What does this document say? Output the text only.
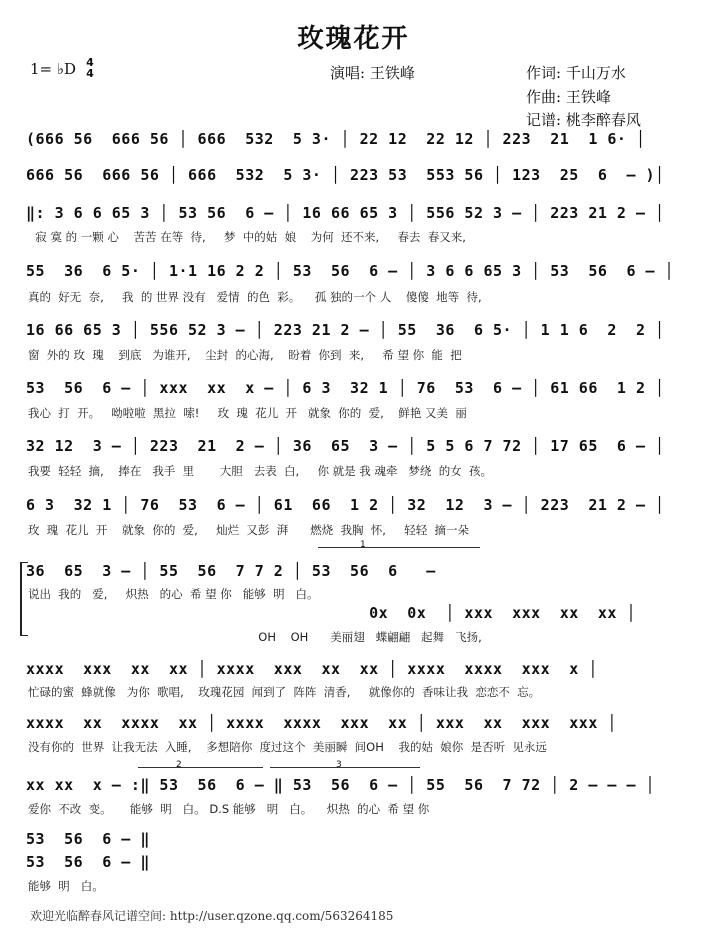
玫瑰花开
1= ♭D 4
4	演唱: 王铁峰	作词: 千山万水
作曲: 王铁峰
记谱: 桃李醉春风
(666 56  666 56 │ 666  532  5 3· │ 22 12  22 12 │ 223  21  1 6· │
666 56  666 56 │ 666  532  5 3· │ 223 53  553 56 │ 123  25  6  – )│
‖: 3 6 6 65 3 │ 53 56  6 – │ 16 66 65 3 │ 556 52 3 – │ 223 21 2 – │
寂 寞 的 一颗 心    苦苦 在等  待,     梦  中的姑  娘    为何  还不来,     春去  春又来,
55  36  6 5· │ 1·1 16 2 2 │ 53  56  6 – │ 3 6 6 65 3 │ 53  56  6 – │
真的  好无  奈,     我  的 世界 没有   爱情  的色  彩。    孤 独的一个 人    傻傻  地等  待,
16 66 65 3 │ 556 52 3 – │ 223 21 2 – │ 55  36  6 5· │ 1 1 6  2  2 │
窗  外的 玫  瑰    到底   为谁开,    尘封  的心海,    盼着  你到  来,     希 望 你  能  把
53  56  6 – │ xxx  xx  x – │ 6 3  32 1 │ 76  53  6 – │ 61 66  1 2 │
我心  打  开。   呦啦啦  黑拉  嗦!     玫  瑰  花儿  开   就象  你的  爱,    鲜艳 又美  丽
32 12  3 – │ 223  21  2 – │ 36  65  3 – │ 5 5 6 7 72 │ 17 65  6 – │
我要  轻轻  摘,    捧在   我手  里       大胆   去表  白,     你 就是 我 魂牵   梦绕  的女  孩。
6 3  32 1 │ 76  53  6 – │ 61  66  1 2 │ 32  12  3 – │ 223  21 2 – │
玫  瑰  花儿  开    就象  你的  爱,     灿烂  又彭  湃      燃烧  我胸  怀,     轻轻  摘一朵
1
36  65  3 – │ 55  56  7 7 2 │ 53  56  6   –
说出  我的   爱,     炽热   的心  希 望 你   能够  明   白。
0x  0x  │ xxx  xxx  xx  xx │
OH    OH      美丽翅   蝶翩翩   起舞   飞扬,
xxxx  xxx  xx  xx │ xxxx  xxx  xx  xx │ xxxx  xxxx  xxx  x │
忙碌的蜜  蜂就像   为你  歌唱,    玫瑰花园  闻到了  阵阵  清香,     就像你的  香味让我  恋恋不  忘。
xxxx  xx  xxxx  xx │ xxxx  xxxx  xxx  xx │ xxx  xx  xxx  xxx │
没有你的  世界  让我无法  入睡,    多想陪你  度过这个  美丽瞬  间OH    我的姑  娘你  是否听  见永远
2	3
xx xx  x – :‖ 53  56  6 – ‖ 53  56  6 – │ 55  56  7 72 │ 2 – – – │
爱你  不改  变。     能够  明   白。 D.S 能够   明   白。    炽热  的心  希 望 你
53  56  6 – ‖
53  56  6 – ‖
能够  明   白。
欢迎光临醉春风记谱空间: http://user.qzone.qq.com/563264185
